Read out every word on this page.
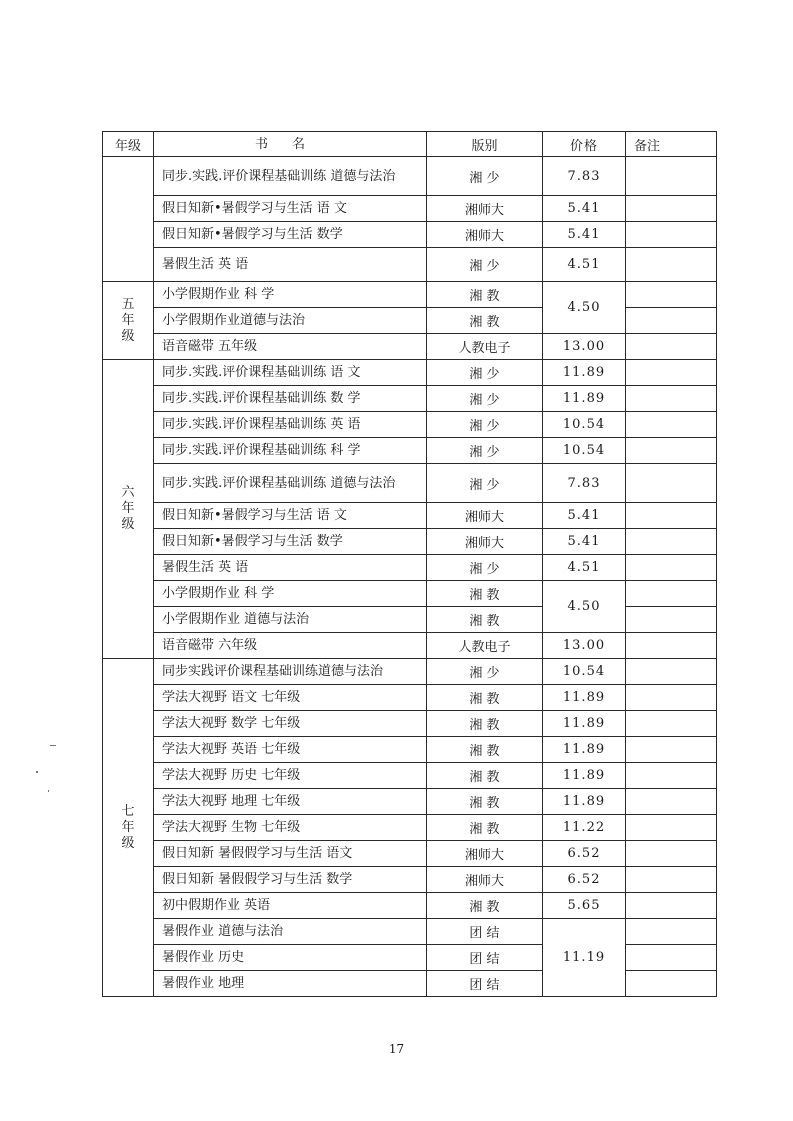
年级	书名	版别	价格	备注
	同步.实践.评价课程基础训练 道德与法治	湘 少	7.83	
	假日知新•暑假学习与生活 语 文	湘师大	5.41	
	假日知新•暑假学习与生活 数学	湘师大	5.41	
	暑假生活 英 语	湘 少	4.51	
五年级	小学假期作业 科 学	湘 教	4.50	
	小学假期作业道德与法治	湘 教		
	语音磁带 五年级	人教电子	13.00	
六年级	同步.实践.评价课程基础训练 语 文	湘 少	11.89	
	同步.实践.评价课程基础训练 数 学	湘 少	11.89	
	同步.实践.评价课程基础训练 英 语	湘 少	10.54	
	同步.实践.评价课程基础训练 科 学	湘 少	10.54	
	同步.实践.评价课程基础训练 道德与法治	湘 少	7.83	
	假日知新•暑假学习与生活 语 文	湘师大	5.41	
	假日知新•暑假学习与生活 数学	湘师大	5.41	
	暑假生活 英 语	湘 少	4.51	
	小学假期作业 科 学	湘 教	4.50	
	小学假期作业 道德与法治	湘 教		
	语音磁带 六年级	人教电子	13.00	
七年级	同步实践评价课程基础训练道德与法治	湘 少	10.54	
	学法大视野 语文 七年级	湘 教	11.89	
	学法大视野 数学 七年级	湘 教	11.89	
	学法大视野 英语 七年级	湘 教	11.89	
	学法大视野 历史 七年级	湘 教	11.89	
	学法大视野 地理 七年级	湘 教	11.89	
	学法大视野 生物 七年级	湘 教	11.22	
	假日知新 暑假假学习与生活 语文	湘师大	6.52	
	假日知新 暑假假学习与生活 数学	湘师大	6.52	
	初中假期作业 英语	湘 教	5.65	
	暑假作业 道德与法治	团 结	11.19	
	暑假作业 历史	团 结		
	暑假作业 地理	团 结		
17
